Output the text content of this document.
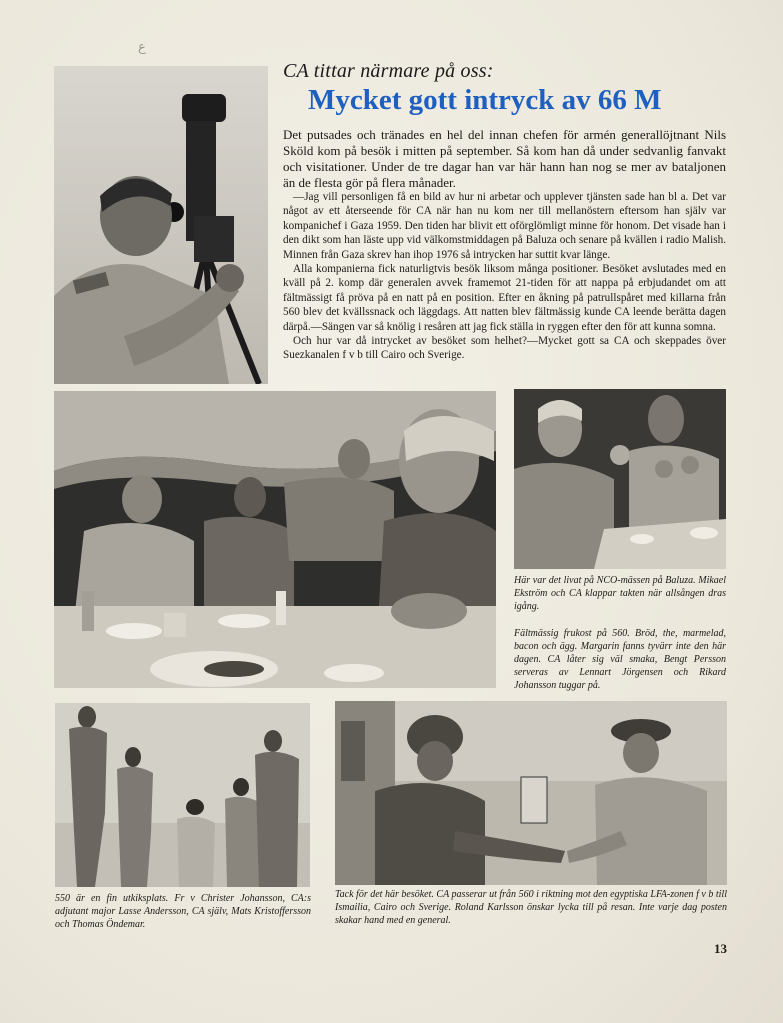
ع
CA tittar närmare på oss:
Mycket gott intryck av 66 M
Det putsades och tränades en hel del innan chefen för armén generallöjtnant Nils Sköld kom på besök i mitten på september. Så kom han då under sedvanlig fanvakt och visitationer. Under de tre dagar han var här hann han nog se mer av bataljonen än de flesta gör på flera månader.

—Jag vill personligen få en bild av hur ni arbetar och upplever tjänsten sade han bl a. Det var något av ett återseende för CA när han nu kom ner till mellanöstern eftersom han själv var kompanichef i Gaza 1959. Den tiden har blivit ett oförglömligt minne för honom. Det visade han i den dikt som han läste upp vid välkomstmiddagen på Baluza och senare på kvällen i radio Malish. Minnen från Gaza skrev han ihop 1976 så intrycken har suttit kvar länge.

Alla kompanierna fick naturligtvis besök liksom många positioner. Besöket avslutades med en kväll på 2. komp där generalen avvek framemot 21-tiden för att nappa på erbjudandet om att fältmässigt få pröva på en natt på en position. Efter en åkning på patrullspåret med killarna från 560 blev det kvällssnack och läggdags. Att natten blev fältmässig kunde CA leende berätta dagen därpå.—Sängen var så knölig i resåren att jag fick ställa in ryggen efter den för att kunna somna.

Och hur var då intrycket av besöket som helhet?—Mycket gott sa CA och skeppades över Suezkanalen f v b till Cairo och Sverige.

Här var det livat på NCO-mässen på Baluza. Mikael Ekström och CA klappar takten när allsången dras igång.
Fältmässig frukost på 560. Bröd, the, marmelad, bacon och ägg. Margarin fanns tyvärr inte den här dagen. CA låter sig väl smaka, Bengt Persson serveras av Lennart Jörgensen och Rikard Johansson tuggar på.
550 är en fin utkiksplats. Fr v Christer Johansson, CA:s adjutant major Lasse Andersson, CA själv, Mats Kristoffersson och Thomas Öndemar.
Tack för det här besöket. CA passerar ut från 560 i riktning mot den egyptiska LFA-zonen f v b till Ismailia, Cairo och Sverige. Roland Karlsson önskar lycka till på resan. Inte varje dag posten skakar hand med en general.
13
